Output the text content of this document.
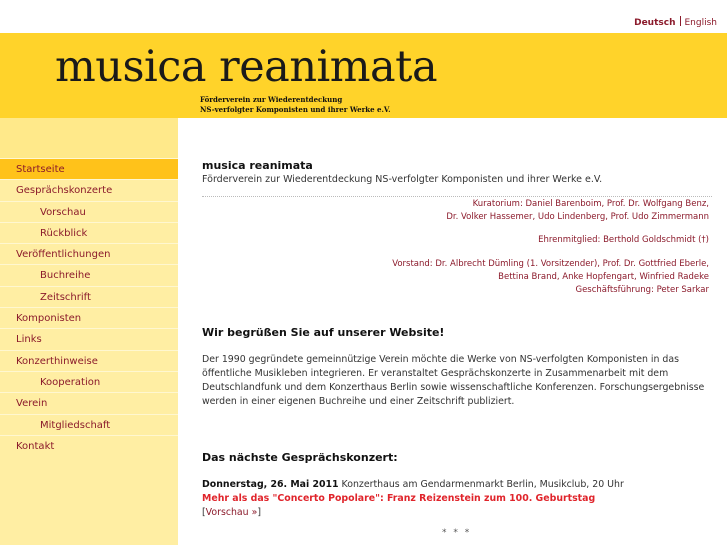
Deutsch English
musica reanimata
Förderverein zur Wiederentdeckung
NS-verfolgter Komponisten und ihrer Werke e.V.
Startseite
Gesprächskonzerte
Vorschau
Rückblick
Veröffentlichungen
Buchreihe
Zeitschrift
Komponisten
Links
Konzerthinweise
Kooperation
Verein
Mitgliedschaft
Kontakt
musica reanimata
Förderverein zur Wiederentdeckung NS-verfolgter Komponisten und ihrer Werke e.V.
Kuratorium: Daniel Barenboim, Prof. Dr. Wolfgang Benz,
Dr. Volker Hassemer, Udo Lindenberg, Prof. Udo Zimmermann
Ehrenmitglied: Berthold Goldschmidt (†)
Vorstand: Dr. Albrecht Dümling (1. Vorsitzender), Prof. Dr. Gottfried Eberle,
Bettina Brand, Anke Hopfengart, Winfried Radeke
Geschäftsführung: Peter Sarkar
Wir begrüßen Sie auf unserer Website!
Der 1990 gegründete gemeinnützige Verein möchte die Werke von NS-verfolgten Komponisten in das öffentliche Musikleben integrieren. Er veranstaltet Gesprächskonzerte in Zusammenarbeit mit dem Deutschlandfunk und dem Konzerthaus Berlin sowie wissenschaftliche Konferenzen. Forschungsergebnisse werden in einer eigenen Buchreihe und einer Zeitschrift publiziert.
Das nächste Gesprächskonzert:
Donnerstag, 26. Mai 2011 Konzerthaus am Gendarmenmarkt Berlin, Musikclub, 20 Uhr
Mehr als das "Concerto Popolare": Franz Reizenstein zum 100. Geburtstag
[Vorschau »]
* * *
